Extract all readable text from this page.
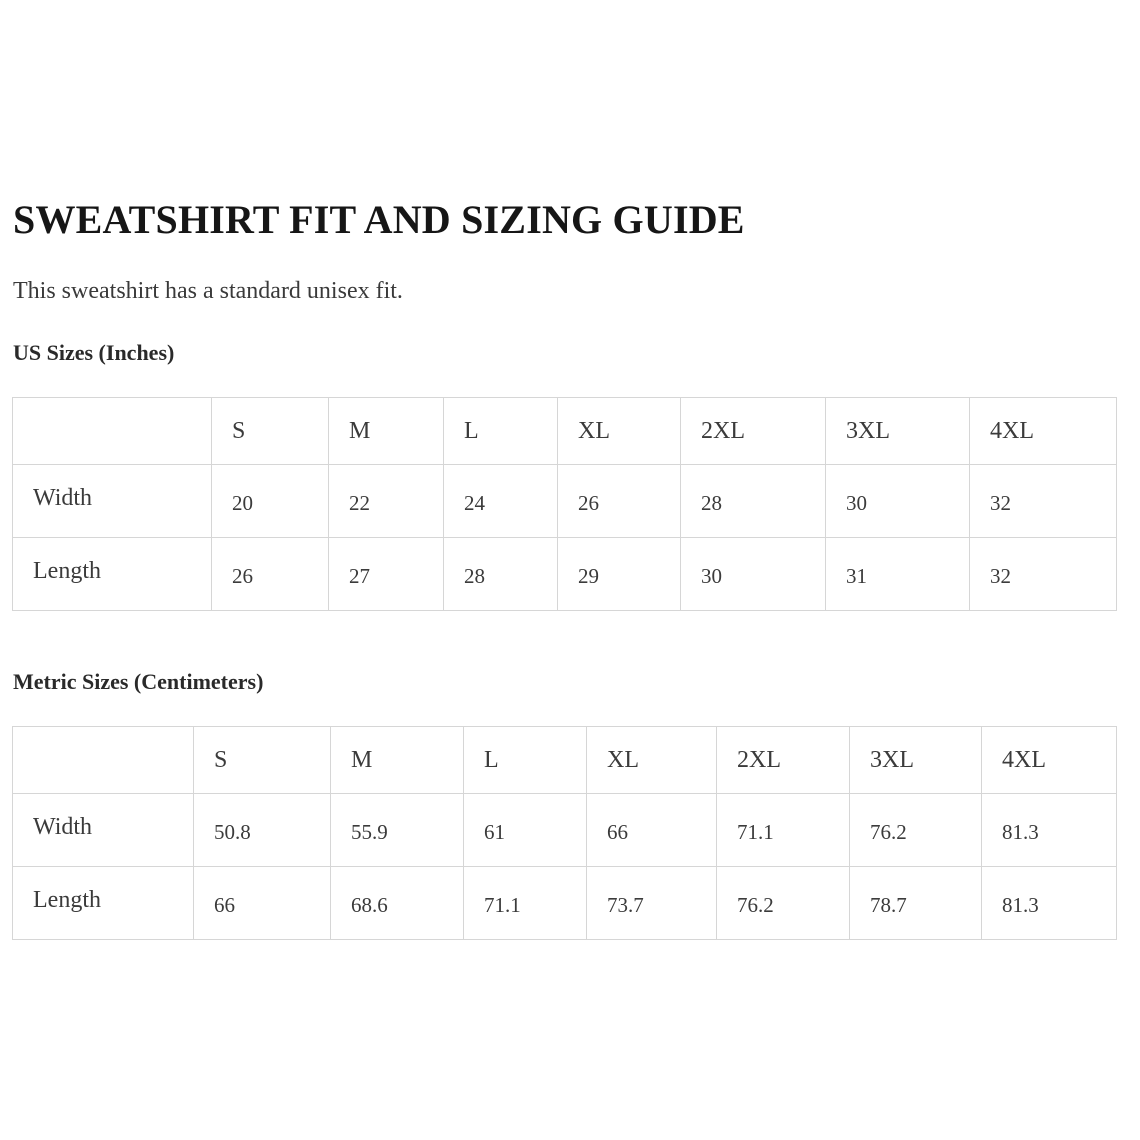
SWEATSHIRT FIT AND SIZING GUIDE

This sweatshirt has a standard unisex fit.

US Sizes (Inches)
	S	M	L	XL	2XL	3XL	4XL
Width	20	22	24	26	28	30	32
Length	26	27	28	29	30	31	32
Metric Sizes (Centimeters)
	S	M	L	XL	2XL	3XL	4XL
Width	50.8	55.9	61	66	71.1	76.2	81.3
Length	66	68.6	71.1	73.7	76.2	78.7	81.3
